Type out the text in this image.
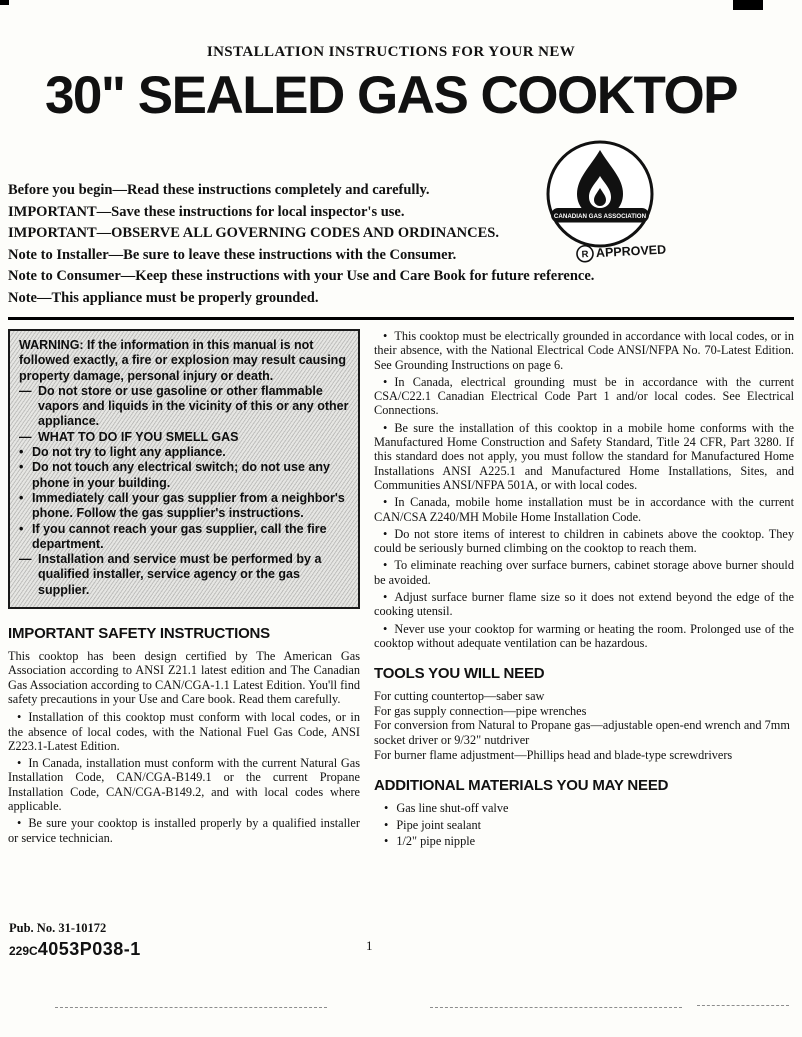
INSTALLATION INSTRUCTIONS FOR YOUR NEW
30" SEALED GAS COOKTOP
CANADIAN GAS ASSOCIATION
R APPROVED

Before you begin—Read these instructions completely and carefully.

IMPORTANT—Save these instructions for local inspector's use.

IMPORTANT—OBSERVE ALL GOVERNING CODES AND ORDINANCES.

Note to Installer—Be sure to leave these instructions with the Consumer.

Note to Consumer—Keep these instructions with your Use and Care Book for future reference.

Note—This appliance must be properly grounded.

WARNING: If the information in this manual is not followed exactly, a fire or explosion may result causing property damage, personal injury or death.

— Do not store or use gasoline or other flammable vapors and liquids in the vicinity of this or any other appliance.

— WHAT TO DO IF YOU SMELL GAS

• Do not try to light any appliance.

• Do not touch any electrical switch; do not use any phone in your building.

• Immediately call your gas supplier from a neighbor's phone. Follow the gas supplier's instructions.

• If you cannot reach your gas supplier, call the fire department.

— Installation and service must be performed by a qualified installer, service agency or the gas supplier.

IMPORTANT SAFETY INSTRUCTIONS

This cooktop has been design certified by The American Gas Association according to ANSI Z21.1 latest edition and The Canadian Gas Association according to CAN/CGA-1.1 Latest Edition. You'll find safety precautions in your Use and Care book. Read them carefully.

• Installation of this cooktop must conform with local codes, or in the absence of local codes, with the National Fuel Gas Code, ANSI Z223.1-Latest Edition.

• In Canada, installation must conform with the current Natural Gas Installation Code, CAN/CGA-B149.1 or the current Propane Installation Code, CAN/CGA-B149.2, and with local codes where applicable.

• Be sure your cooktop is installed properly by a qualified installer or service technician.

• This cooktop must be electrically grounded in accordance with local codes, or in their absence, with the National Electrical Code ANSI/NFPA No. 70-Latest Edition. See Grounding Instructions on page 6.

• In Canada, electrical grounding must be in accordance with the current CSA/C22.1 Canadian Electrical Code Part 1 and/or local codes. See Electrical Connections.

• Be sure the installation of this cooktop in a mobile home conforms with the Manufactured Home Construction and Safety Standard, Title 24 CFR, Part 3280. If this standard does not apply, you must follow the standard for Manufactured Home Installations ANSI A225.1 and Manufactured Home Installations, Sites, and Communities ANSI/NFPA 501A, or with local codes.

• In Canada, mobile home installation must be in accordance with the current CAN/CSA Z240/MH Mobile Home Installation Code.

• Do not store items of interest to children in cabinets above the cooktop. They could be seriously burned climbing on the cooktop to reach them.

• To eliminate reaching over surface burners, cabinet storage above burner should be avoided.

• Adjust surface burner flame size so it does not extend beyond the edge of the cooking utensil.

• Never use your cooktop for warming or heating the room. Prolonged use of the cooktop without adequate ventilation can be hazardous.

TOOLS YOU WILL NEED

For cutting countertop—saber saw

For gas supply connection—pipe wrenches

For conversion from Natural to Propane gas—adjustable open-end wrench and 7mm socket driver or 9/32" nutdriver

For burner flame adjustment—Phillips head and blade-type screwdrivers

ADDITIONAL MATERIALS YOU MAY NEED

• Gas line shut-off valve

• Pipe joint sealant

• 1/2" pipe nipple

Pub. No. 31-10172
229C4053P038-1	1
